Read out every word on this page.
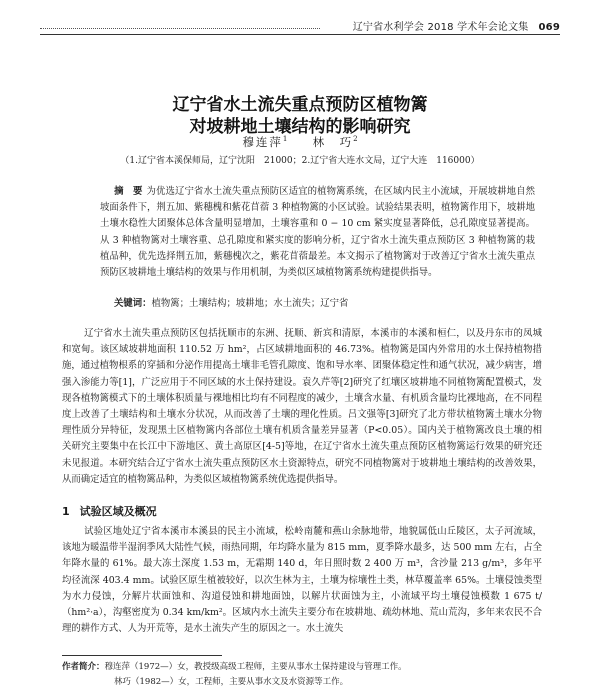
辽宁省水利学会 2018 学术年会论文集 069
辽宁省水土流失重点预防区植物篱
对坡耕地土壤结构的影响研究
穆连萍$^1$ 林　巧$^2$
（1.辽宁省本溪保师局，辽宁沈阳　21000；2.辽宁省大连水文局，辽宁大连　116000）
摘　要 为优选辽宁省水土流失重点预防区适宜的植物篱系统，在区域内民主小流域，开展坡耕地自然坡面条件下，荆五加、紫穗槐和紫花苜蓿 3 种植物篱的小区试验。试验结果表明，植物篱作用下，坡耕地土壤水稳性大团聚体总体含量明显增加，土壤容重和 0 − 10 cm 紧实度显著降低，总孔隙度显著提高。从 3 种植物篱对土壤容重、总孔隙度和紧实度的影响分析，辽宁省水土流失重点预防区 3 种植物篱的栽植品种，优先选择荆五加，紫穗槐次之，紫花苜蓿最差。本文揭示了植物篱对于改善辽宁省水土流失重点预防区坡耕地土壤结构的效果与作用机制，为类似区域植物篱系统构建提供指导。
关键词：植物篱；土壤结构；坡耕地；水土流失；辽宁省
辽宁省水土流失重点预防区包括抚顺市的东洲、抚顺、新宾和清原，本溪市的本溪和桓仁，以及丹东市的凤城和宽甸。该区域坡耕地面积 110.52 万 hm²，占区域耕地面积的 46.73%。植物篱是国内外常用的水土保持植物措施，通过植物根系的穿插和分泌作用提高土壤非毛管孔隙度、饱和导水率、团聚体稳定性和通气状况，减少病害，增强入渗能力等[1]，广泛应用于不同区域的水土保持建设。袁久芹等[2]研究了红壤区坡耕地不同植物篱配置模式，发现各植物篱模式下的土壤体积质量与裸地相比均有不同程度的减少，土壤含水量、有机质含量均比裸地高，在不同程度上改善了土壤结构和土壤水分状况，从而改善了土壤的理化性质。吕文强等[3]研究了北方带状植物篱土壤水分物理性质分异特征，发现黑土区植物篱内各部位土壤有机质含量差异显著（P<0.05）。国内关于植物篱改良土壤的相关研究主要集中在长江中下游地区、黄土高原区[4-5]等地，在辽宁省水土流失重点预防区植物篱运行效果的研究还未见报道。本研究结合辽宁省水土流失重点预防区水土资源特点，研究不同植物篱对于坡耕地土壤结构的改善效果，从而确定适宜的植物篱品种，为类似区域植物篱系统优选提供指导。
1 试验区域及概况
试验区地处辽宁省本溪市本溪县的民主小流域，松岭南麓和燕山余脉地带，地貌属低山丘陵区，太子河流域，该地为暖温带半湿润季风大陆性气候，雨热同期，年均降水量为 815 mm，夏季降水最多，达 500 mm 左右，占全年降水量的 61%。最大冻土深度 1.53 m，无霜期 140 d，年日照时数 2 400 万 m³，含沙量 213 g/m³，多年平均径流深 403.4 mm。试验区原生植被较好，以次生林为主，土壤为棕壤性土类，林草覆盖率 65%。土壤侵蚀类型为水力侵蚀，分解片状面蚀和、沟道侵蚀和耕地面蚀，以解片状面蚀为主，小流域平均土壤侵蚀模数 1 675 t/（hm²·a），沟壑密度为 0.34 km/km²。区域内水土流失主要分布在坡耕地、疏幼林地、荒山荒沟，多年来农民不合理的耕作方式、人为开荒等，是水土流失产生的原因之一。水土流失
作者简介：穆连萍（1972—）女，教授级高级工程师，主要从事水土保持建设与管理工作。
林巧（1982—）女，工程师，主要从事水文及水资源等工作。
